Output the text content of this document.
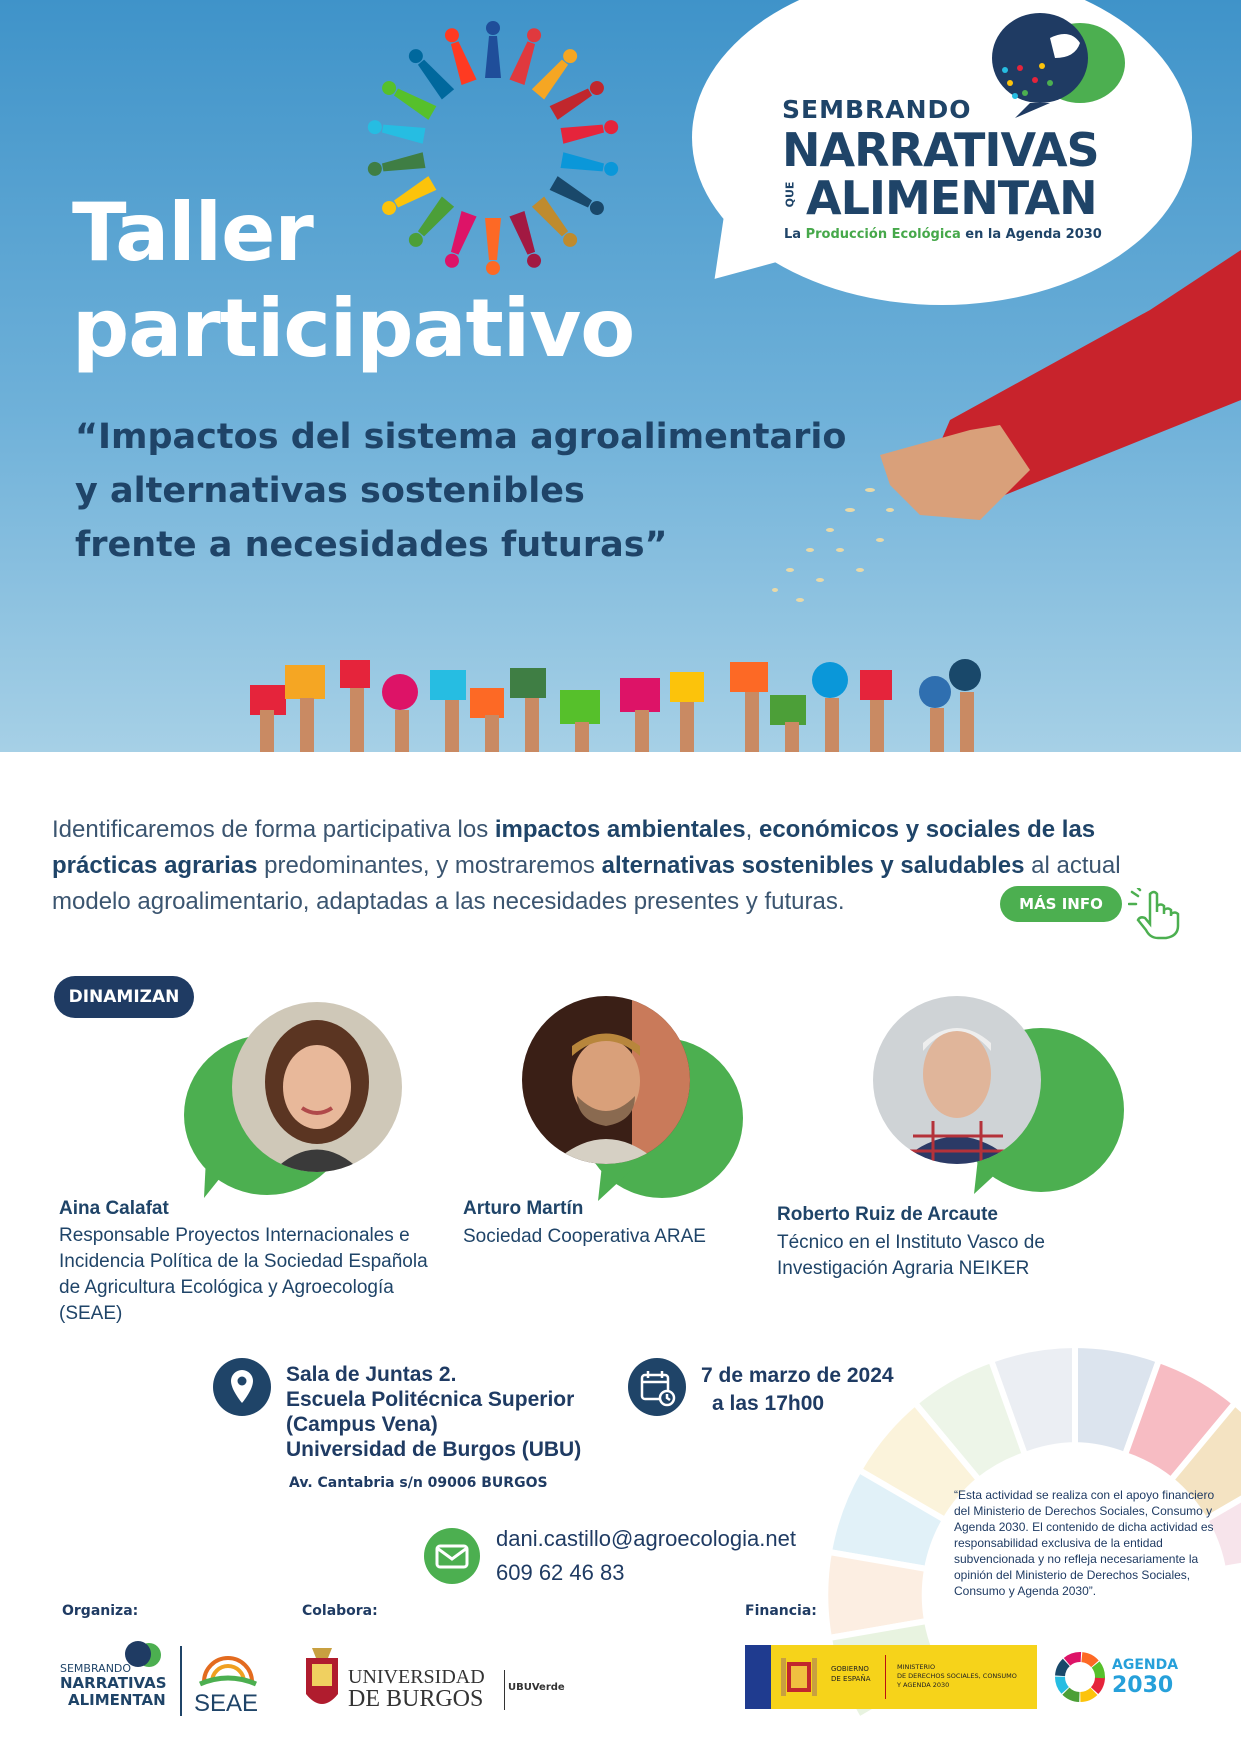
Taller
participativo
“Impactos del sistema agroalimentario
y alternativas sostenibles
frente a necesidades futuras”
SEMBRANDO
NARRATIVAS
QUE ALIMENTAN
La Producción Ecológica en la Agenda 2030
Identificaremos de forma participativa los impactos ambientales, económicos y sociales de las prácticas agrarias predominantes, y mostraremos alternativas sostenibles y saludables al actual modelo agroalimentario, adaptadas a las necesidades presentes y futuras.	MÁS INFO
DINAMIZAN
Aina Calafat
Responsable Proyectos Internacionales e Incidencia Política de la Sociedad Española de Agricultura Ecológica y Agroecología (SEAE)
Arturo Martín
Sociedad Cooperativa ARAE
Roberto Ruiz de Arcaute
Técnico en el Instituto Vasco de Investigación Agraria NEIKER
Sala de Juntas 2.
Escuela Politécnica Superior
(Campus Vena)
Universidad de Burgos (UBU)
Av. Cantabria s/n 09006 BURGOS
7 de marzo de 2024
a las 17h00
dani.castillo@agroecologia.net
609 62 46 83
“Esta actividad se realiza con el apoyo financiero del Ministerio de Derechos Sociales, Consumo y Agenda 2030. El contenido de dicha actividad es responsabilidad exclusiva de la entidad subvencionada y no refleja necesariamente la opinión del Ministerio de Derechos Sociales, Consumo y Agenda 2030”.
Organiza:	Colabora:	Financia:
SEMBRANDO
NARRATIVAS
ALIMENTAN SEAE
UNIVERSIDAD
DE BURGOS UBUVerde
GOBIERNO
DE ESPAÑA
MINISTERIO
DE DERECHOS SOCIALES, CONSUMO
Y AGENDA 2030
AGENDA
2030
